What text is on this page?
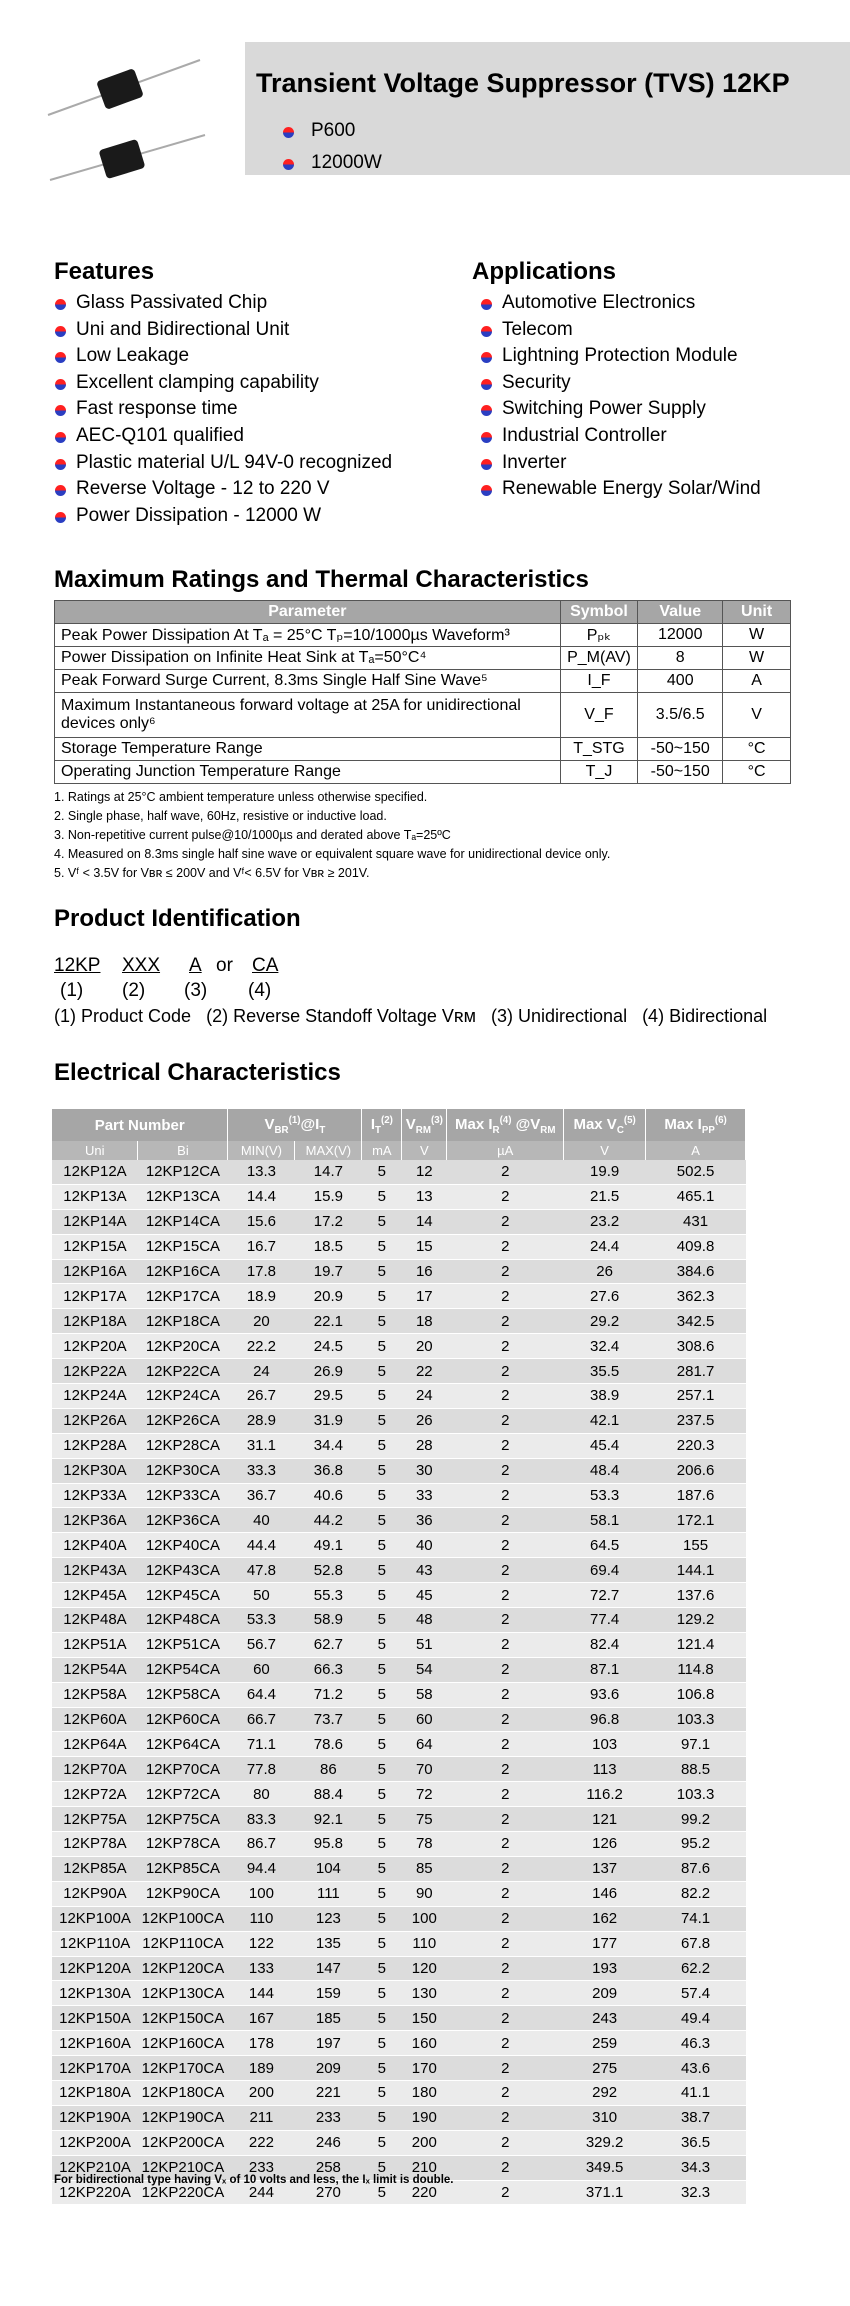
Transient Voltage Suppressor (TVS) 12KP
P600
12000W
Features
Glass Passivated Chip
Uni and Bidirectional Unit
Low Leakage
Excellent clamping capability
Fast response time
AEC-Q101 qualified
Plastic material U/L 94V-0 recognized
Reverse Voltage - 12 to 220 V
Power Dissipation - 12000 W
Applications
Automotive Electronics
Telecom
Lightning Protection Module
Security
Switching Power Supply
Industrial Controller
Inverter
Renewable Energy Solar/Wind
Maximum Ratings and Thermal Characteristics
Parameter	Symbol	Value	Unit
Peak Power Dissipation At Tₐ = 25°C Tₚ=10/1000µs Waveform³	Pₚₖ	12000	W
Power Dissipation on Infinite Heat Sink at Tₐ=50°C⁴	P_M(AV)	8	W
Peak Forward Surge Current, 8.3ms Single Half Sine Wave⁵	I_F	400	A
Maximum Instantaneous forward voltage at 25A for unidirectional devices only⁶	V_F	3.5/6.5	V
Storage Temperature Range	T_STG	-50~150	°C
Operating Junction Temperature Range	T_J	-50~150	°C
1. Ratings at 25°C ambient temperature unless otherwise specified.
2. Single phase, half wave, 60Hz, resistive or inductive load.
3. Non-repetitive current pulse@10/1000µs and derated above Tₐ=25ºC
4. Measured on 8.3ms single half sine wave or equivalent square wave for unidirectional device only.
5. Vᶠ < 3.5V for Vʙʀ ≤ 200V and Vᶠ< 6.5V for Vʙʀ ≥ 201V.
Product Identification
12KP XXX A or CA
(1) (2) (3) (4)
(1) Product Code   (2) Reverse Standoff Voltage Vʀᴍ   (3) Unidirectional   (4) Bidirectional
Electrical Characteristics
Part Number		$V_{BR}^{(1)}@I_T$		$I_T^{(2)}$	$V_{RM}^{(3)}$	Max $I_R^{(4)}$ $@V_{RM}$	Max $V_C^{(5)}$	Max $I_{PP}^{(6)}$
Uni	Bi	MIN(V)	MAX(V)	mA	V	µA	V	A
12KP12A	12KP12CA	13.3	14.7	5	12	2	19.9	502.5
12KP13A	12KP13CA	14.4	15.9	5	13	2	21.5	465.1
12KP14A	12KP14CA	15.6	17.2	5	14	2	23.2	431
12KP15A	12KP15CA	16.7	18.5	5	15	2	24.4	409.8
12KP16A	12KP16CA	17.8	19.7	5	16	2	26	384.6
12KP17A	12KP17CA	18.9	20.9	5	17	2	27.6	362.3
12KP18A	12KP18CA	20	22.1	5	18	2	29.2	342.5
12KP20A	12KP20CA	22.2	24.5	5	20	2	32.4	308.6
12KP22A	12KP22CA	24	26.9	5	22	2	35.5	281.7
12KP24A	12KP24CA	26.7	29.5	5	24	2	38.9	257.1
12KP26A	12KP26CA	28.9	31.9	5	26	2	42.1	237.5
12KP28A	12KP28CA	31.1	34.4	5	28	2	45.4	220.3
12KP30A	12KP30CA	33.3	36.8	5	30	2	48.4	206.6
12KP33A	12KP33CA	36.7	40.6	5	33	2	53.3	187.6
12KP36A	12KP36CA	40	44.2	5	36	2	58.1	172.1
12KP40A	12KP40CA	44.4	49.1	5	40	2	64.5	155
12KP43A	12KP43CA	47.8	52.8	5	43	2	69.4	144.1
12KP45A	12KP45CA	50	55.3	5	45	2	72.7	137.6
12KP48A	12KP48CA	53.3	58.9	5	48	2	77.4	129.2
12KP51A	12KP51CA	56.7	62.7	5	51	2	82.4	121.4
12KP54A	12KP54CA	60	66.3	5	54	2	87.1	114.8
12KP58A	12KP58CA	64.4	71.2	5	58	2	93.6	106.8
12KP60A	12KP60CA	66.7	73.7	5	60	2	96.8	103.3
12KP64A	12KP64CA	71.1	78.6	5	64	2	103	97.1
12KP70A	12KP70CA	77.8	86	5	70	2	113	88.5
12KP72A	12KP72CA	80	88.4	5	72	2	116.2	103.3
12KP75A	12KP75CA	83.3	92.1	5	75	2	121	99.2
12KP78A	12KP78CA	86.7	95.8	5	78	2	126	95.2
12KP85A	12KP85CA	94.4	104	5	85	2	137	87.6
12KP90A	12KP90CA	100	111	5	90	2	146	82.2
12KP100A	12KP100CA	110	123	5	100	2	162	74.1
12KP110A	12KP110CA	122	135	5	110	2	177	67.8
12KP120A	12KP120CA	133	147	5	120	2	193	62.2
12KP130A	12KP130CA	144	159	5	130	2	209	57.4
12KP150A	12KP150CA	167	185	5	150	2	243	49.4
12KP160A	12KP160CA	178	197	5	160	2	259	46.3
12KP170A	12KP170CA	189	209	5	170	2	275	43.6
12KP180A	12KP180CA	200	221	5	180	2	292	41.1
12KP190A	12KP190CA	211	233	5	190	2	310	38.7
12KP200A	12KP200CA	222	246	5	200	2	329.2	36.5
12KP210A	12KP210CA	233	258	5	210	2	349.5	34.3
12KP220A	12KP220CA	244	270	5	220	2	371.1	32.3
For bidirectional type having Vₓ of 10 volts and less, the Iₓ limit is double.
